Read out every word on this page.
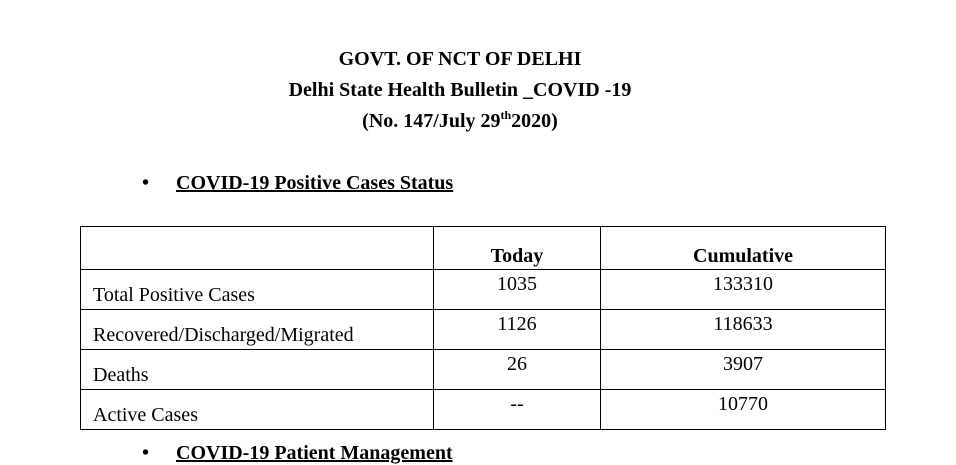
GOVT. OF NCT OF DELHI
Delhi State Health Bulletin _COVID -19
(No. 147/July 29th2020)
• COVID-19 Positive Cases Status
	Today	Cumulative
Total Positive Cases	1035	133310
Recovered/Discharged/Migrated	1126	118633
Deaths	26	3907
Active Cases	--	10770
• COVID-19 Patient Management
